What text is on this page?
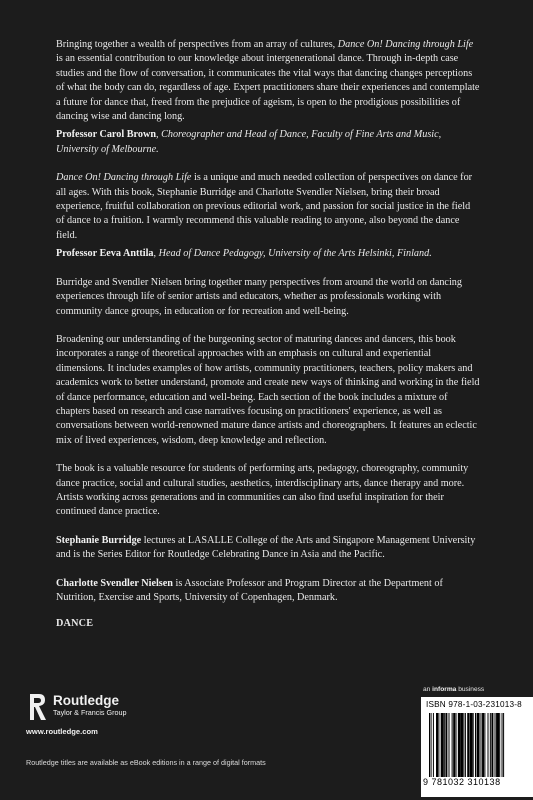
Bringing together a wealth of perspectives from an array of cultures, Dance On! Dancing through Life is an essential contribution to our knowledge about intergenerational dance. Through in-depth case studies and the flow of conversation, it communicates the vital ways that dancing changes perceptions of what the body can do, regardless of age. Expert practitioners share their experiences and contemplate a future for dance that, freed from the prejudice of ageism, is open to the prodigious possibilities of dancing wise and dancing long.

Professor Carol Brown, Choreographer and Head of Dance, Faculty of Fine Arts and Music, University of Melbourne.

Dance On! Dancing through Life is a unique and much needed collection of perspectives on dance for all ages. With this book, Stephanie Burridge and Charlotte Svendler Nielsen, bring their broad experience, fruitful collaboration on previous editorial work, and passion for social justice in the field of dance to a fruition. I warmly recommend this valuable reading to anyone, also beyond the dance field.

Professor Eeva Anttila, Head of Dance Pedagogy, University of the Arts Helsinki, Finland.

Burridge and Svendler Nielsen bring together many perspectives from around the world on dancing experiences through life of senior artists and educators, whether as professionals working with community dance groups, in education or for recreation and well-being.

Broadening our understanding of the burgeoning sector of maturing dances and dancers, this book incorporates a range of theoretical approaches with an emphasis on cultural and experiential dimensions. It includes examples of how artists, community practitioners, teachers, policy makers and academics work to better understand, promote and create new ways of thinking and working in the field of dance performance, education and well-being. Each section of the book includes a mixture of chapters based on research and case narratives focusing on practitioners' experience, as well as conversations between world-renowned mature dance artists and choreographers. It features an eclectic mix of lived experiences, wisdom, deep knowledge and reflection.

The book is a valuable resource for students of performing arts, pedagogy, choreography, community dance practice, social and cultural studies, aesthetics, interdisciplinary arts, dance therapy and more. Artists working across generations and in communities can also find useful inspiration for their continued dance practice.

Stephanie Burridge lectures at LASALLE College of the Arts and Singapore Management University and is the Series Editor for Routledge Celebrating Dance in Asia and the Pacific.

Charlotte Svendler Nielsen is Associate Professor and Program Director at the Department of Nutrition, Exercise and Sports, University of Copenhagen, Denmark.

DANCE

Routledge
Taylor & Francis Group
www.routledge.com
Routledge titles are available as eBook editions in a range of digital formats
an informa business
ISBN 978-1-03-231013-8
9 781032 310138
